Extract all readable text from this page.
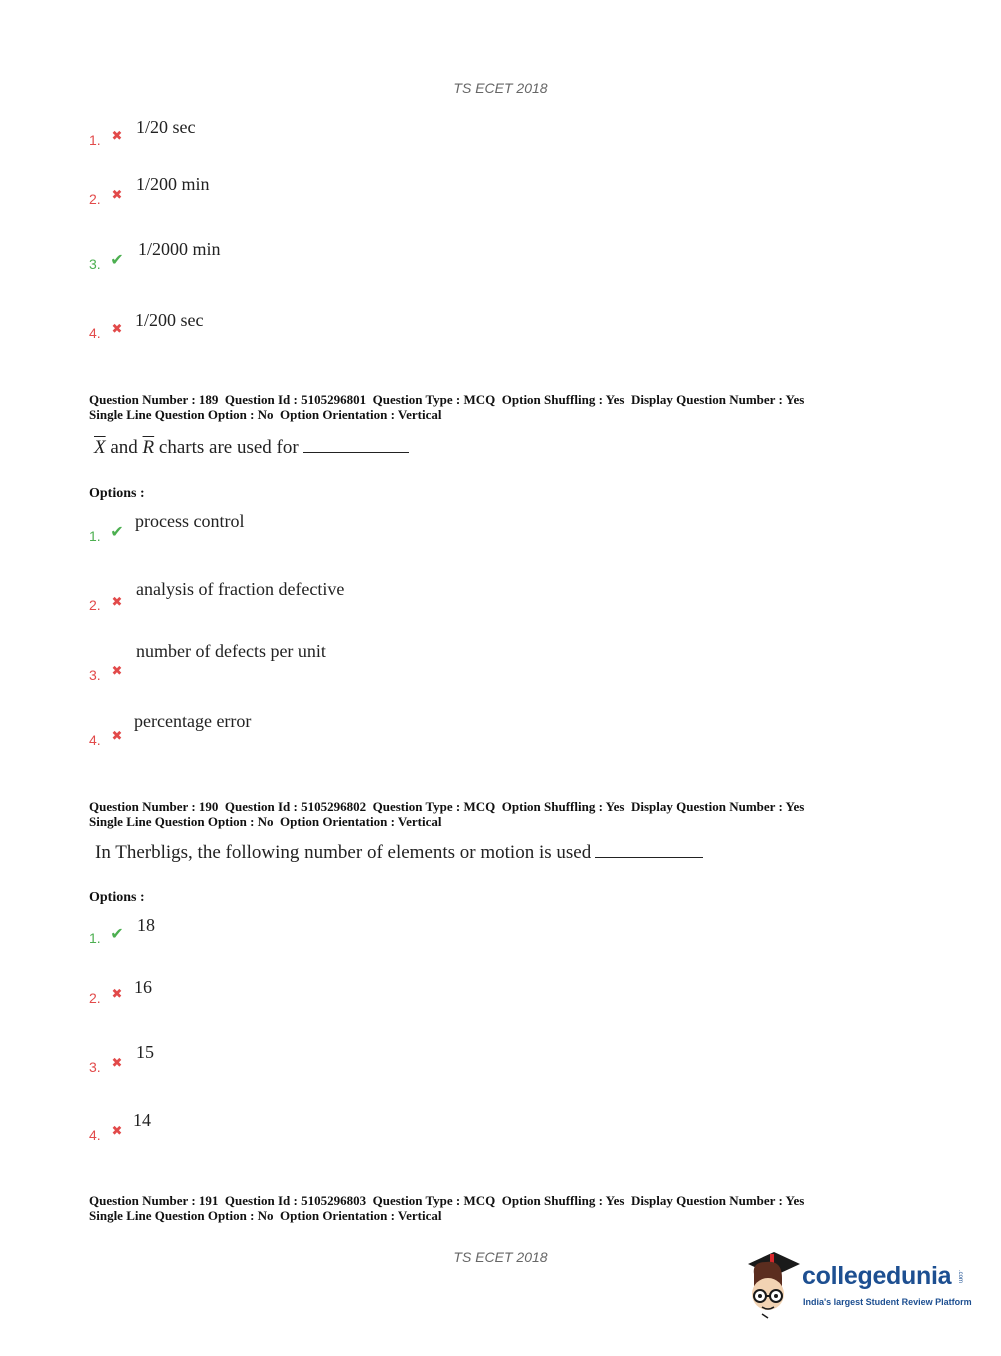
TS ECET 2018
1. ✖ 1/20 sec
2. ✖
1/200 min
3. ✔
1/2000 min
4. ✖ 1/200 sec
Question Number : 189  Question Id : 5105296801  Question Type : MCQ  Option Shuffling : Yes  Display Question Number : Yes
Single Line Question Option : No  Option Orientation : Vertical
$\overline{X}$ and $\overline{R}$ charts are used for
Options :
1. ✔
process control
2. ✖
analysis of fraction defective
3. ✖
number of defects per unit
4. ✖
percentage error
Question Number : 190  Question Id : 5105296802  Question Type : MCQ  Option Shuffling : Yes  Display Question Number : Yes
Single Line Question Option : No  Option Orientation : Vertical
In Therbligs, the following number of elements or motion is used
Options :
1. ✔ 18
2. ✖ 16
3. ✖
15
4. ✖
14
Question Number : 191  Question Id : 5105296803  Question Type : MCQ  Option Shuffling : Yes  Display Question Number : Yes
Single Line Question Option : No  Option Orientation : Vertical
TS ECET 2018
collegedunia .com
India's largest Student Review Platform
